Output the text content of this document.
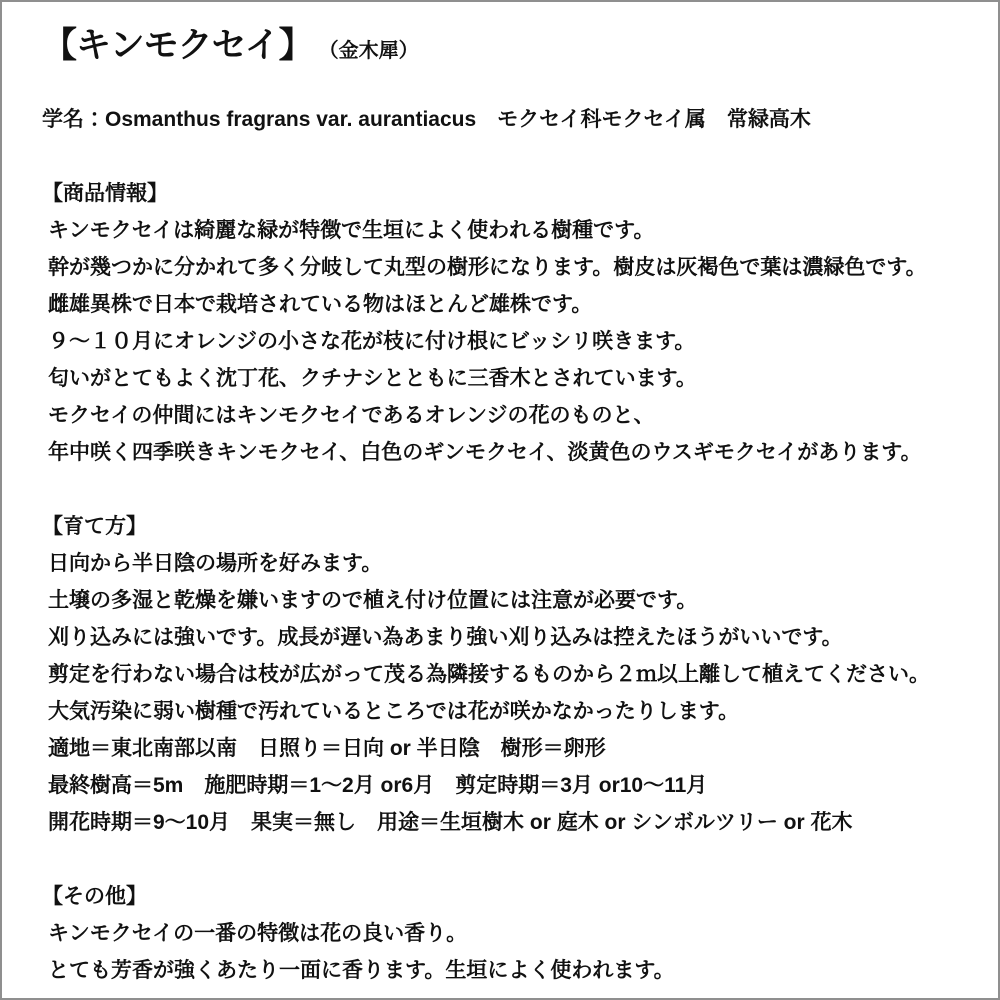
【キンモクセイ】 （金木犀）
学名：Osmanthus fragrans var. aurantiacus　モクセイ科モクセイ属　常緑高木
【商品情報】
キンモクセイは綺麗な緑が特徴で生垣によく使われる樹種です。
幹が幾つかに分かれて多く分岐して丸型の樹形になります。樹皮は灰褐色で葉は濃緑色です。
雌雄異株で日本で栽培されている物はほとんど雄株です。
９～１０月にオレンジの小さな花が枝に付け根にビッシリ咲きます。
匂いがとてもよく沈丁花、クチナシとともに三香木とされています。
モクセイの仲間にはキンモクセイであるオレンジの花のものと、
年中咲く四季咲きキンモクセイ、白色のギンモクセイ、淡黄色のウスギモクセイがあります。
【育て方】
日向から半日陰の場所を好みます。
土壌の多湿と乾燥を嫌いますので植え付け位置には注意が必要です。
刈り込みには強いです。成長が遅い為あまり強い刈り込みは控えたほうがいいです。
剪定を行わない場合は枝が広がって茂る為隣接するものから２ｍ以上離して植えてください。
大気汚染に弱い樹種で汚れているところでは花が咲かなかったりします。
適地＝東北南部以南　日照り＝日向 or 半日陰　樹形＝卵形
最終樹高＝5m　施肥時期＝1～2月 or6月　剪定時期＝3月 or10～11月
開花時期＝9～10月　果実＝無し　用途＝生垣樹木 or 庭木 or シンボルツリー or 花木
【その他】
キンモクセイの一番の特徴は花の良い香り。
とても芳香が強くあたり一面に香ります。生垣によく使われます。
